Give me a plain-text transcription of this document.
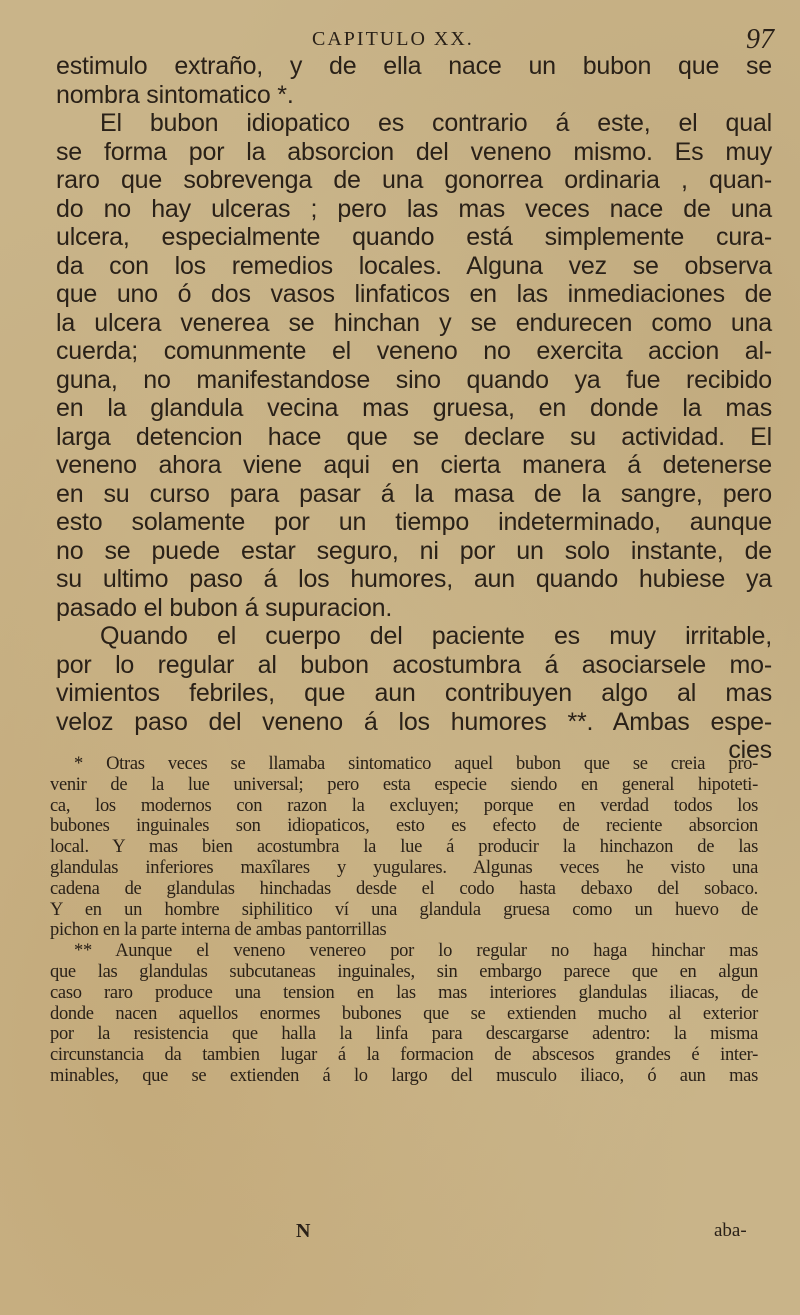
CAPITULO XX.	97
estimulo extraño, y de ella nace un bubon que se
nombra sintomatico *.
El bubon idiopatico es contrario á este, el qual
se forma por la absorcion del veneno mismo. Es muy
raro que sobrevenga de una gonorrea ordinaria , quan-
do no hay ulceras ; pero las mas veces nace de una
ulcera, especialmente quando está simplemente cura-
da con los remedios locales. Alguna vez se observa
que uno ó dos vasos linfaticos en las inmediaciones de
la ulcera venerea se hinchan y se endurecen como una
cuerda; comunmente el veneno no exercita accion al-
guna, no manifestandose sino quando ya fue recibido
en la glandula vecina mas gruesa, en donde la mas
larga detencion hace que se declare su actividad. El
veneno ahora viene aqui en cierta manera á detenerse
en su curso para pasar á la masa de la sangre, pero
esto solamente por un tiempo indeterminado, aunque
no se puede estar seguro, ni por un solo instante, de
su ultimo paso á los humores, aun quando hubiese ya
pasado el bubon á supuracion.
Quando el cuerpo del paciente es muy irritable,
por lo regular al bubon acostumbra á asociarsele mo-
vimientos febriles, que aun contribuyen algo al mas
veloz paso del veneno á los humores **. Ambas espe-
cies
* Otras veces se llamaba sintomatico aquel bubon que se creia pro-
venir de la lue universal; pero esta especie siendo en general hipoteti-
ca, los modernos con razon la excluyen; porque en verdad todos los
bubones inguinales son idiopaticos, esto es efecto de reciente absorcion
local. Y mas bien acostumbra la lue á producir la hinchazon de las
glandulas inferiores maxîlares y yugulares. Algunas veces he visto una
cadena de glandulas hinchadas desde el codo hasta debaxo del sobaco.
Y en un hombre siphilitico ví una glandula gruesa como un huevo de
pichon en la parte interna de ambas pantorrillas
** Aunque el veneno venereo por lo regular no haga hinchar mas
que las glandulas subcutaneas inguinales, sin embargo parece que en algun
caso raro produce una tension en las mas interiores glandulas iliacas, de
donde nacen aquellos enormes bubones que se extienden mucho al exterior
por la resistencia que halla la linfa para descargarse adentro: la misma
circunstancia da tambien lugar á la formacion de abscesos grandes é inter-
minables, que se extienden á lo largo del musculo iliaco, ó aun mas
N	aba-
